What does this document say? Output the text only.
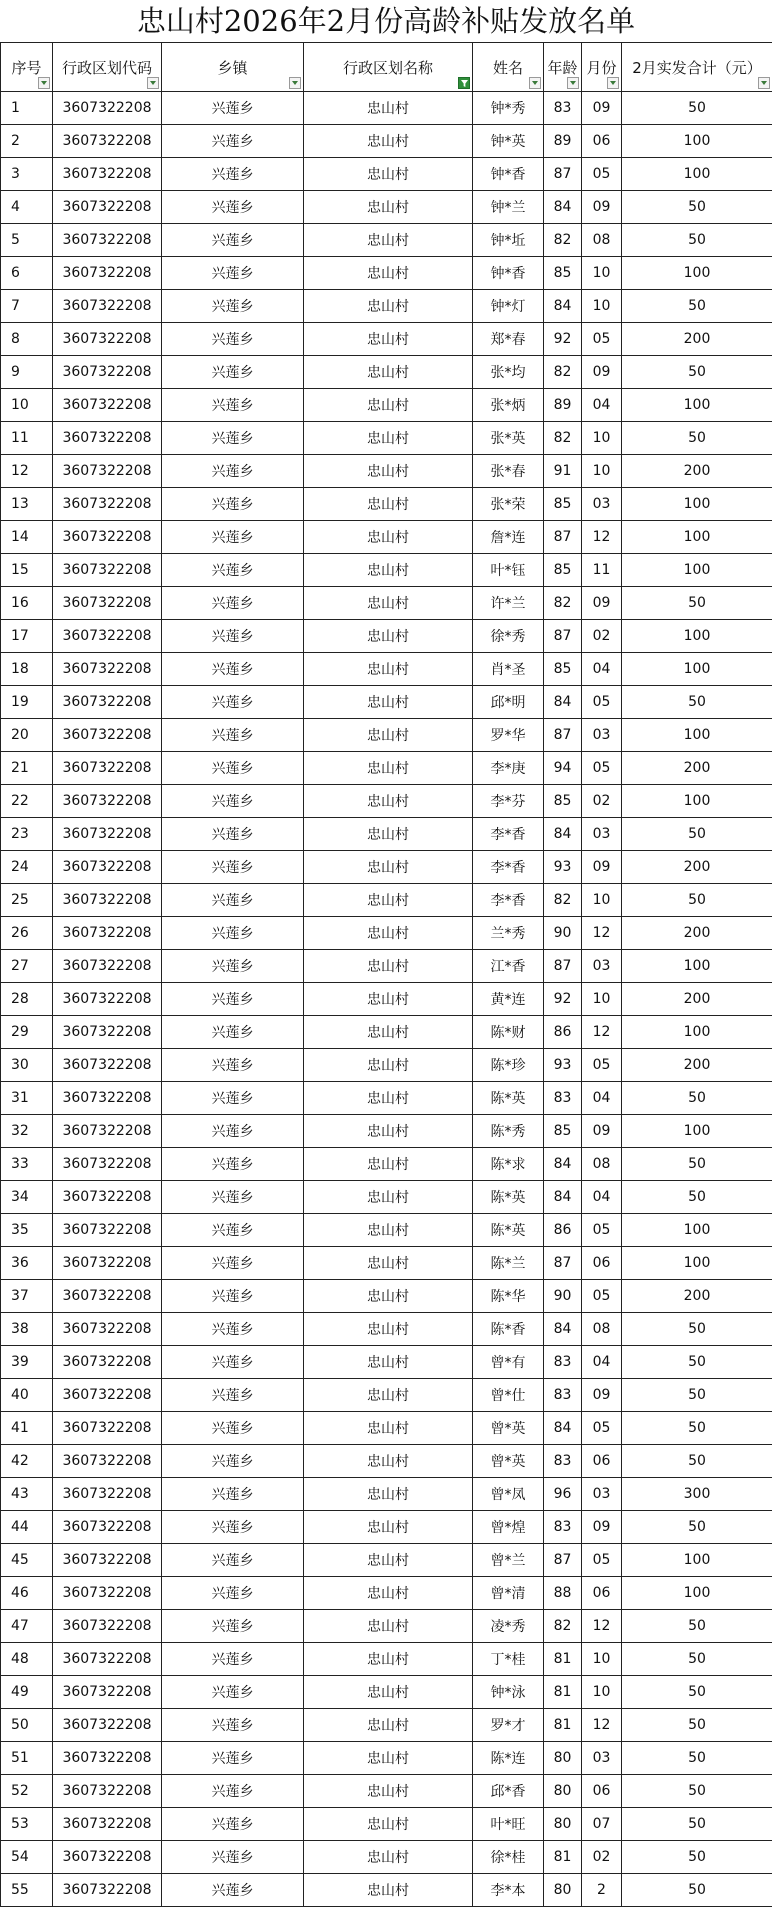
忠山村2026年2月份高龄补贴发放名单
序号	行政区划代码	乡镇	行政区划名称	姓名	年龄	月份	2月实发合计（元）

1	3607322208	兴莲乡	忠山村	钟*秀	83	09	50
2	3607322208	兴莲乡	忠山村	钟*英	89	06	100
3	3607322208	兴莲乡	忠山村	钟*香	87	05	100
4	3607322208	兴莲乡	忠山村	钟*兰	84	09	50
5	3607322208	兴莲乡	忠山村	钟*坵	82	08	50
6	3607322208	兴莲乡	忠山村	钟*香	85	10	100
7	3607322208	兴莲乡	忠山村	钟*灯	84	10	50
8	3607322208	兴莲乡	忠山村	郑*春	92	05	200
9	3607322208	兴莲乡	忠山村	张*均	82	09	50
10	3607322208	兴莲乡	忠山村	张*炳	89	04	100
11	3607322208	兴莲乡	忠山村	张*英	82	10	50
12	3607322208	兴莲乡	忠山村	张*春	91	10	200
13	3607322208	兴莲乡	忠山村	张*荣	85	03	100
14	3607322208	兴莲乡	忠山村	詹*连	87	12	100
15	3607322208	兴莲乡	忠山村	叶*钰	85	11	100
16	3607322208	兴莲乡	忠山村	许*兰	82	09	50
17	3607322208	兴莲乡	忠山村	徐*秀	87	02	100
18	3607322208	兴莲乡	忠山村	肖*圣	85	04	100
19	3607322208	兴莲乡	忠山村	邱*明	84	05	50
20	3607322208	兴莲乡	忠山村	罗*华	87	03	100
21	3607322208	兴莲乡	忠山村	李*庚	94	05	200
22	3607322208	兴莲乡	忠山村	李*芬	85	02	100
23	3607322208	兴莲乡	忠山村	李*香	84	03	50
24	3607322208	兴莲乡	忠山村	李*香	93	09	200
25	3607322208	兴莲乡	忠山村	李*香	82	10	50
26	3607322208	兴莲乡	忠山村	兰*秀	90	12	200
27	3607322208	兴莲乡	忠山村	江*香	87	03	100
28	3607322208	兴莲乡	忠山村	黄*连	92	10	200
29	3607322208	兴莲乡	忠山村	陈*财	86	12	100
30	3607322208	兴莲乡	忠山村	陈*珍	93	05	200
31	3607322208	兴莲乡	忠山村	陈*英	83	04	50
32	3607322208	兴莲乡	忠山村	陈*秀	85	09	100
33	3607322208	兴莲乡	忠山村	陈*求	84	08	50
34	3607322208	兴莲乡	忠山村	陈*英	84	04	50
35	3607322208	兴莲乡	忠山村	陈*英	86	05	100
36	3607322208	兴莲乡	忠山村	陈*兰	87	06	100
37	3607322208	兴莲乡	忠山村	陈*华	90	05	200
38	3607322208	兴莲乡	忠山村	陈*香	84	08	50
39	3607322208	兴莲乡	忠山村	曾*有	83	04	50
40	3607322208	兴莲乡	忠山村	曾*仕	83	09	50
41	3607322208	兴莲乡	忠山村	曾*英	84	05	50
42	3607322208	兴莲乡	忠山村	曾*英	83	06	50
43	3607322208	兴莲乡	忠山村	曾*凤	96	03	300
44	3607322208	兴莲乡	忠山村	曾*煌	83	09	50
45	3607322208	兴莲乡	忠山村	曾*兰	87	05	100
46	3607322208	兴莲乡	忠山村	曾*清	88	06	100
47	3607322208	兴莲乡	忠山村	凌*秀	82	12	50
48	3607322208	兴莲乡	忠山村	丁*桂	81	10	50
49	3607322208	兴莲乡	忠山村	钟*泳	81	10	50
50	3607322208	兴莲乡	忠山村	罗*才	81	12	50
51	3607322208	兴莲乡	忠山村	陈*连	80	03	50
52	3607322208	兴莲乡	忠山村	邱*香	80	06	50
53	3607322208	兴莲乡	忠山村	叶*旺	80	07	50
54	3607322208	兴莲乡	忠山村	徐*桂	81	02	50
55	3607322208	兴莲乡	忠山村	李*本	80	2	50
